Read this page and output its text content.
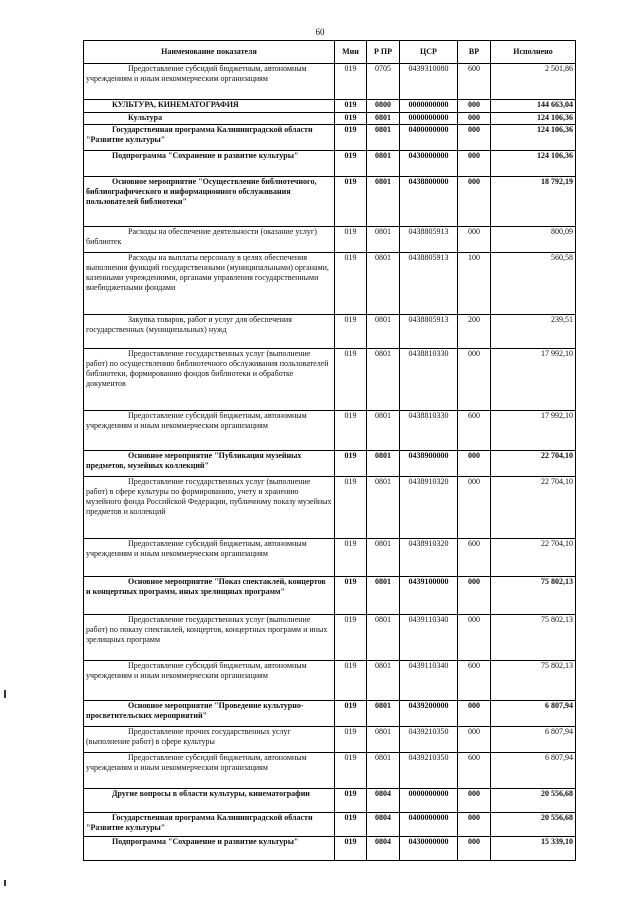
60
Наименование показателя	Мин	Р ПР	ЦСР	ВР	Исполнено
Предоставление субсидий бюджетным, автономным учреждениям и иным некоммерческим организациям	019	0705	0439310080	600	2 501,86
КУЛЬТУРА, КИНЕМАТОГРАФИЯ	019	0800	0000000000	000	144 663,04
Культура	019	0801	0000000000	000	124 106,36
Государственная программа Калининградской области "Развитие культуры"	019	0801	0400000000	000	124 106,36
Подпрограмма "Сохранение и развитие культуры"	019	0801	0430000000	000	124 106,36
Основное мероприятие "Осуществление библиотечного, библиографического и информационного обслуживания пользователей библиотеки"	019	0801	0438800000	000	18 792,19
Расходы на обеспечение деятельности (оказание услуг) библиотек	019	0801	0438805913	000	800,09
Расходы на выплаты персоналу в целях обеспечения выполнения функций государственными (муниципальными) органами, казенными учреждениями, органами управления государственными внебюджетными фондами	019	0801	0438805913	100	560,58
Закупка товаров, работ и услуг для обеспечения государственных (муниципальных) нужд	019	0801	0438805913	200	239,51
Предоставление государственных услуг (выполнение работ) по осуществлению библиотечного обслуживания пользователей библиотеки, формированию фондов библиотеки и обработке документов	019	0801	0438810330	000	17 992,10
Предоставление субсидий бюджетным, автономным учреждениям и иным некоммерческим организациям	019	0801	0438810330	600	17 992,10
Основное мероприятие "Публикация музейных предметов, музейных коллекций"	019	0801	0438900000	000	22 704,10
Предоставление государственных услуг (выполнение работ) в сфере культуры по формированию, учету и хранению музейного фонда Российской Федерации, публичному показу музейных предметов и коллекций	019	0801	0438910320	000	22 704,10
Предоставление субсидий бюджетным, автономным учреждениям и иным некоммерческим организациям	019	0801	0438910320	600	22 704,10
Основное мероприятие "Показ спектаклей, концертов и концертных программ, иных зрелищных программ"	019	0801	0439100000	000	75 802,13
Предоставление государственных услуг (выполнение работ) по показу спектаклей, концертов, концертных программ и иных зрелищных программ	019	0801	0439110340	000	75 802,13
Предоставление субсидий бюджетным, автономным учреждениям и иным некоммерческим организациям	019	0801	0439110340	600	75 802,13
Основное мероприятие "Проведение культурно-просветительских мероприятий"	019	0801	0439200000	000	6 807,94
Предоставление прочих государственных услуг (выполнение работ) в сфере культуры	019	0801	0439210350	000	6 807,94
Предоставление субсидий бюджетным, автономным учреждениям и иным некоммерческим организациям	019	0801	0439210350	600	6 807,94
Другие вопросы в области культуры, кинематографии	019	0804	0000000000	000	20 556,68
Государственная программа Калининградской области "Развитие культуры"	019	0804	0400000000	000	20 556,68
Подпрограмма "Сохранение и развитие культуры"	019	0804	0430000000	000	15 339,10
